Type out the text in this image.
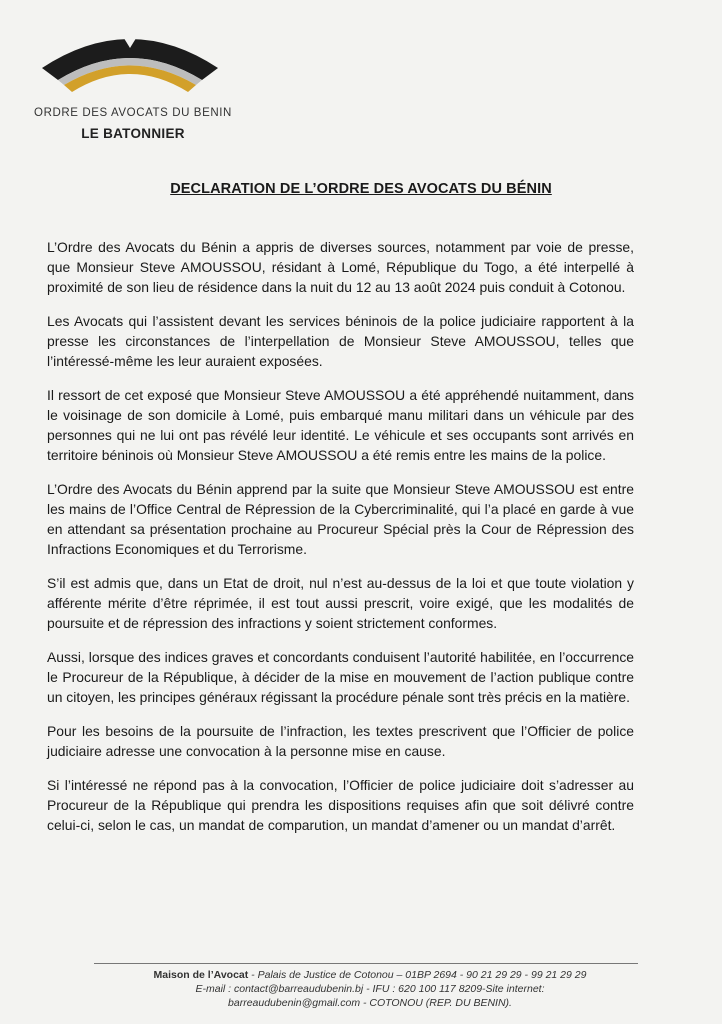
ORDRE DES AVOCATS DU BENIN
LE BATONNIER
DECLARATION DE L’ORDRE DES AVOCATS DU BÉNIN

L’Ordre des Avocats du Bénin a appris de diverses sources, notamment par voie de presse, que Monsieur Steve AMOUSSOU, résidant à Lomé, République du Togo, a été interpellé à proximité de son lieu de résidence dans la nuit du 12 au 13 août 2024 puis conduit à Cotonou.

Les Avocats qui l’assistent devant les services béninois de la police judiciaire rapportent à la presse les circonstances de l’interpellation de Monsieur Steve AMOUSSOU, telles que l’intéressé-même les leur auraient exposées.

Il ressort de cet exposé que Monsieur Steve AMOUSSOU a été appréhendé nuitamment, dans le voisinage de son domicile à Lomé, puis embarqué manu militari dans un véhicule par des personnes qui ne lui ont pas révélé leur identité. Le véhicule et ses occupants sont arrivés en territoire béninois où Monsieur Steve AMOUSSOU a été remis entre les mains de la police.

L’Ordre des Avocats du Bénin apprend par la suite que Monsieur Steve AMOUSSOU est entre les mains de l’Office Central de Répression de la Cybercriminalité, qui l’a placé en garde à vue en attendant sa présentation prochaine au Procureur Spécial près la Cour de Répression des Infractions Economiques et du Terrorisme.

S’il est admis que, dans un Etat de droit, nul n’est au-dessus de la loi et que toute violation y afférente mérite d’être réprimée, il est tout aussi prescrit, voire exigé, que les modalités de poursuite et de répression des infractions y soient strictement conformes.

Aussi, lorsque des indices graves et concordants conduisent l’autorité habilitée, en l’occurrence le Procureur de la République, à décider de la mise en mouvement de l’action publique contre un citoyen, les principes généraux régissant la procédure pénale sont très précis en la matière.

Pour les besoins de la poursuite de l’infraction, les textes prescrivent que l’Officier de police judiciaire adresse une convocation à la personne mise en cause.

Si l’intéressé ne répond pas à la convocation, l’Officier de police judiciaire doit s’adresser au Procureur de la République qui prendra les dispositions requises afin que soit délivré contre celui-ci, selon le cas, un mandat de comparution, un mandat d’amener ou un mandat d’arrêt.

Maison de l’Avocat - Palais de Justice de Cotonou – 01BP 2694 - 90 21 29 29 - 99 21 29 29
E-mail : contact@barreaudubenin.bj - IFU : 620 100 117 8209-Site internet:
barreaudubenin@gmail.com - COTONOU (REP. DU BENIN).
